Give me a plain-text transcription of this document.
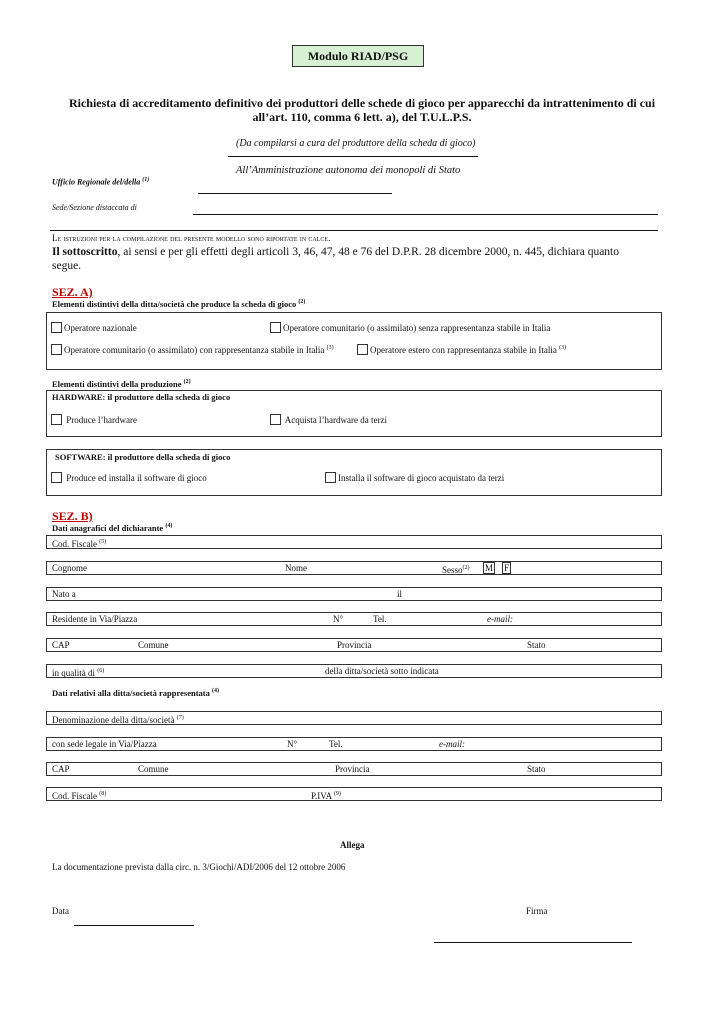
Modulo RIAD/PSG
Richiesta di accreditamento definitivo dei produttori delle schede di gioco per apparecchi da intrattenimento di cui
all’art. 110, comma 6 lett. a), del T.U.L.P.S.
(Da compilarsi a cura del produttore della scheda di gioco)
All’Amministrazione autonoma dei monopoli di Stato
Ufficio Regionale del/della $^{(1)}$
Sede/Sezione distaccata di
Le istruzioni per la compilazione del presente modello sono riportate in calce.
Il sottoscritto, ai sensi e per gli effetti degli articoli 3, 46, 47, 48 e 76 del D.P.R. 28 dicembre 2000, n. 445, dichiara quanto segue.
SEZ. A)
Elementi distintivi della ditta/società che produce la scheda di gioco $^{(2)}$
Operatore nazionale	Operatore comunitario (o assimilato) senza rappresentanza stabile in Italia
Operatore comunitario (o assimilato) con rappresentanza stabile in Italia $^{(3)}$	Operatore estero con rappresentanza stabile in Italia $^{(3)}$
Elementi distintivi della produzione $^{(2)}$
HARDWARE: il produttore della scheda di gioco
Produce l’hardware	Acquista l’hardware da terzi
SOFTWARE: il produttore della scheda di gioco
Produce ed installa il software di gioco	Installa il software di gioco acquistato da terzi
SEZ. B)
Dati anagrafici del dichiarante $^{(4)}$
Cod. Fiscale $^{(5)}$
Cognome	Nome	Sesso$^{(2)}$ M F
Nato a	il
Residente in Via/Piazza	N°	Tel.	e-mail:
CAP	Comune	Provincia	Stato
in qualità di $^{(6)}$	della ditta/società sotto indicata
Dati relativi alla ditta/società rappresentata $^{(4)}$
Denominazione della ditta/società $^{(7)}$
con sede legale in Via/Piazza	N°	Tel.	e-mail:
CAP	Comune	Provincia	Stato
Cod. Fiscale $^{(8)}$	P.IVA $^{(9)}$
Allega
La documentazione prevista dalla circ. n. 3/Giochi/ADI/2006 del 12 ottobre 2006
Data	Firma
